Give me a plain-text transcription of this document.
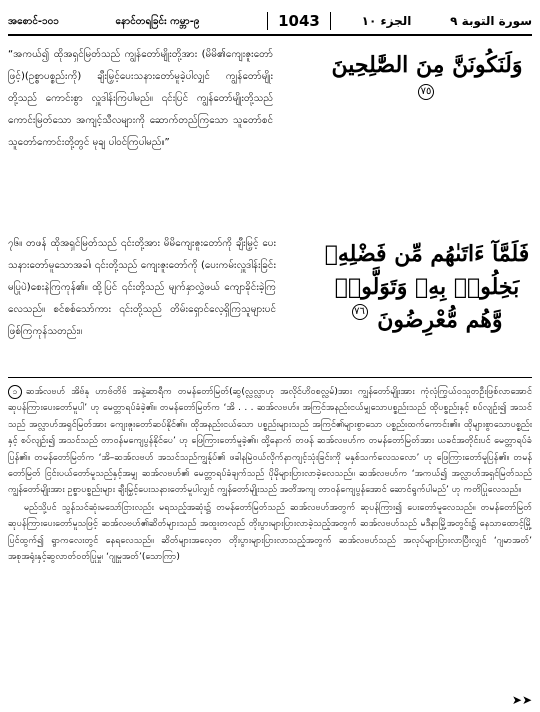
အစောင်-၁၀၁	နောင်တရခြင်း ကမ္ဘာ-၉	1043	الجزء ١٠	سورة التوبة ٩
“အကယ်၍ ထိုအရှင်မြတ်သည် ကျွန်တော်မျိုးတို့အား (မိမိ၏ကျေးဇူးတော်ဖြင့်)(ဥစ္စာပစ္စည်းကို) ချီးမြှင့်ပေးသနားတော်မူခဲ့ပါလျှင် ကျွန်တော်မျိုးတို့သည် ကောင်းစွာ လှူဒါန်းကြပါမည်။ ၎င်းပြင် ကျွန်တော်မျိုးတို့သည် ကောင်းမြတ်သော အကျင့်သီလများကို ဆောက်တည်ကြသော သူတော်စင် သူတော်ကောင်းတို့တွင် မုချ ပါဝင်ကြပါမည်။” ‍
وَلَنَكُونَنَّ مِنَ الصَّٰلِحِينَ ٧٥
၇၆။ တဖန် ထိုအရှင်မြတ်သည် ၎င်းတို့အား မိမိကျေးဇူးတော်ကို ချီးမြှင့် ပေးသနားတော်မူသောအခါ၊ ၎င်းတို့သည် ကျေးဇူးတော်ကို (ပေးကမ်းလှူဒါန်းခြင်း မပြုပဲ)စေးနဲကြကုန်၏။ ထို့ပြင် ၎င်းတို့သည် မျက်နှာလွှဲဖယ် ကျောခိုင်းခဲ့ကြလေသည်။ စင်စစ်သော်ကား ၎င်းတို့သည် တိမ်းရှောင်လေ့ရှိကြသူများပင် ဖြစ်ကြကုန်သတည်း။
فَلَمَّآ ءَاتَىٰهُم مِّن فَضْلِهِۦ بَخِلُوا۟ بِهِۦ وَتَوَلَّوا۟ وَّهُم مُّعْرِضُونَ ٧٦

၁ ဆအ်လဗဟ် အိဗ်နု ဟာဗ်တိဗ် အနဲ့ဆာရီက တမန်တော်မြတ်(ဆွ(လ္လလ္လာဟု အလိုင်ဟိဝစလ္လမ်)အား ကျွန်တော်မျိုးအား ကုံလုံကြွယ်ဝသူတဦးဖြစ်လာအောင် ဆုပန်ကြားပေးတော်မူပါ’ ဟု မေတ္တာရပ်ခံခဲ့၏။ တမန်တော်မြတ်က ‘အိ . . . ဆအ်လဗဟ်။ အကြင်အနည်းငယ်မျှသောပစ္စည်းသည် ထိုပစ္စည်းနှင့် စပ်လျဉ်း၍ အသင်သည် အလ္လာဟ်အရှင်မြတ်အား ကျေးဇူးတော်ဆပ်နိုင်၏။ ထိုအနည်းငယ်သော ပစ္စည်းများသည် အကြင်၏များစွာသော ပစ္စည်းထက်ကောင်း၏။ ထိုများစွာသောပစ္စည်းနှင့် စပ်လျဉ်း၍ အသင်သည် တာဝန်မကျေပွန်နိုင်ပေ’ ဟု ဖြေကြားတော်မူခဲ့၏။ ထို့နောက် တဖန် ဆအ်လဗဟ်က တမန်တော်မြတ်အား ယခင်အတိုင်းပင် မေတ္တာရပ်ခံပြန်၏။ တမန်တော်မြတ်က ‘အိ–ဆအ်လဗဟ် အသင်သည်ကျွန်ုပ်၏ ဖခါနမြဲဝယ်လိုက်နာကျင့်သုံးခြင်းကို မနှစ်သက်လေသလော’ ဟု ဖြေကြားတော်မူပြန်၏။ တမန်တော်မြတ် ငြင်းပယ်တော်မူသည်နှင့်အမျှ ဆအ်လဗဟ်၏ မေတ္တာရပ်ခံချက်သည် ပိုမိုများပြားလာခဲ့လေသည်။ ဆအ်လဗဟ်က ‘အကယ်၍ အလ္လာဟ်အရှင်မြတ်သည် ကျွန်တော်မျိုးအား ဥစ္စာပစ္စည်းများ ချီးမြှင့်ပေးသနားတော်မူပါလျှင် ကျွန်တော်မျိုးသည် အတိအကျ တာဝန်ကျေပွန်အောင် ဆောင်ရွက်ပါမည်’ ဟု ကတိပြုလေသည်။

မည်သို့ပင် သွန်သင်ဆုံးမသော်ငြားလည်း မရသည့်အဆုံး၌ တမန်တော်မြတ်သည် ဆအ်လဗဟ်အတွက် ဆုပန်ကြား၍ ပေးတော်မူလေသည်။ တမန်တော်မြတ် ဆုပန်ကြားပေးတော်မူသဖြင့် ဆအ်လဗဟ်၏ဆိတ်များသည် အထူးတလည် တိုးပွားများပြားလာခဲ့သည့်အတွက် ဆအ်လဗဟ်သည် မဒီနာမြို့အတွင်း၌ နေသာထောင့်မြို့ပြင်ထွက်၍ ရွာကလေးတွင် နေရလေသည်။ ဆိတ်များအလေ့တ တိုးပွားများပြားလာသည့်အတွက် ဆအ်လဗဟ်သည် အလုပ်များပြားလာပြီးလျှင် ‘ဂျမာအတ်’ အစုအရုံးနှင့်ဆွလာတ်ဝတ်ပြုမှု၊ ‘ဂျုမှုအတ်’(သောကြာ)

➤➤
